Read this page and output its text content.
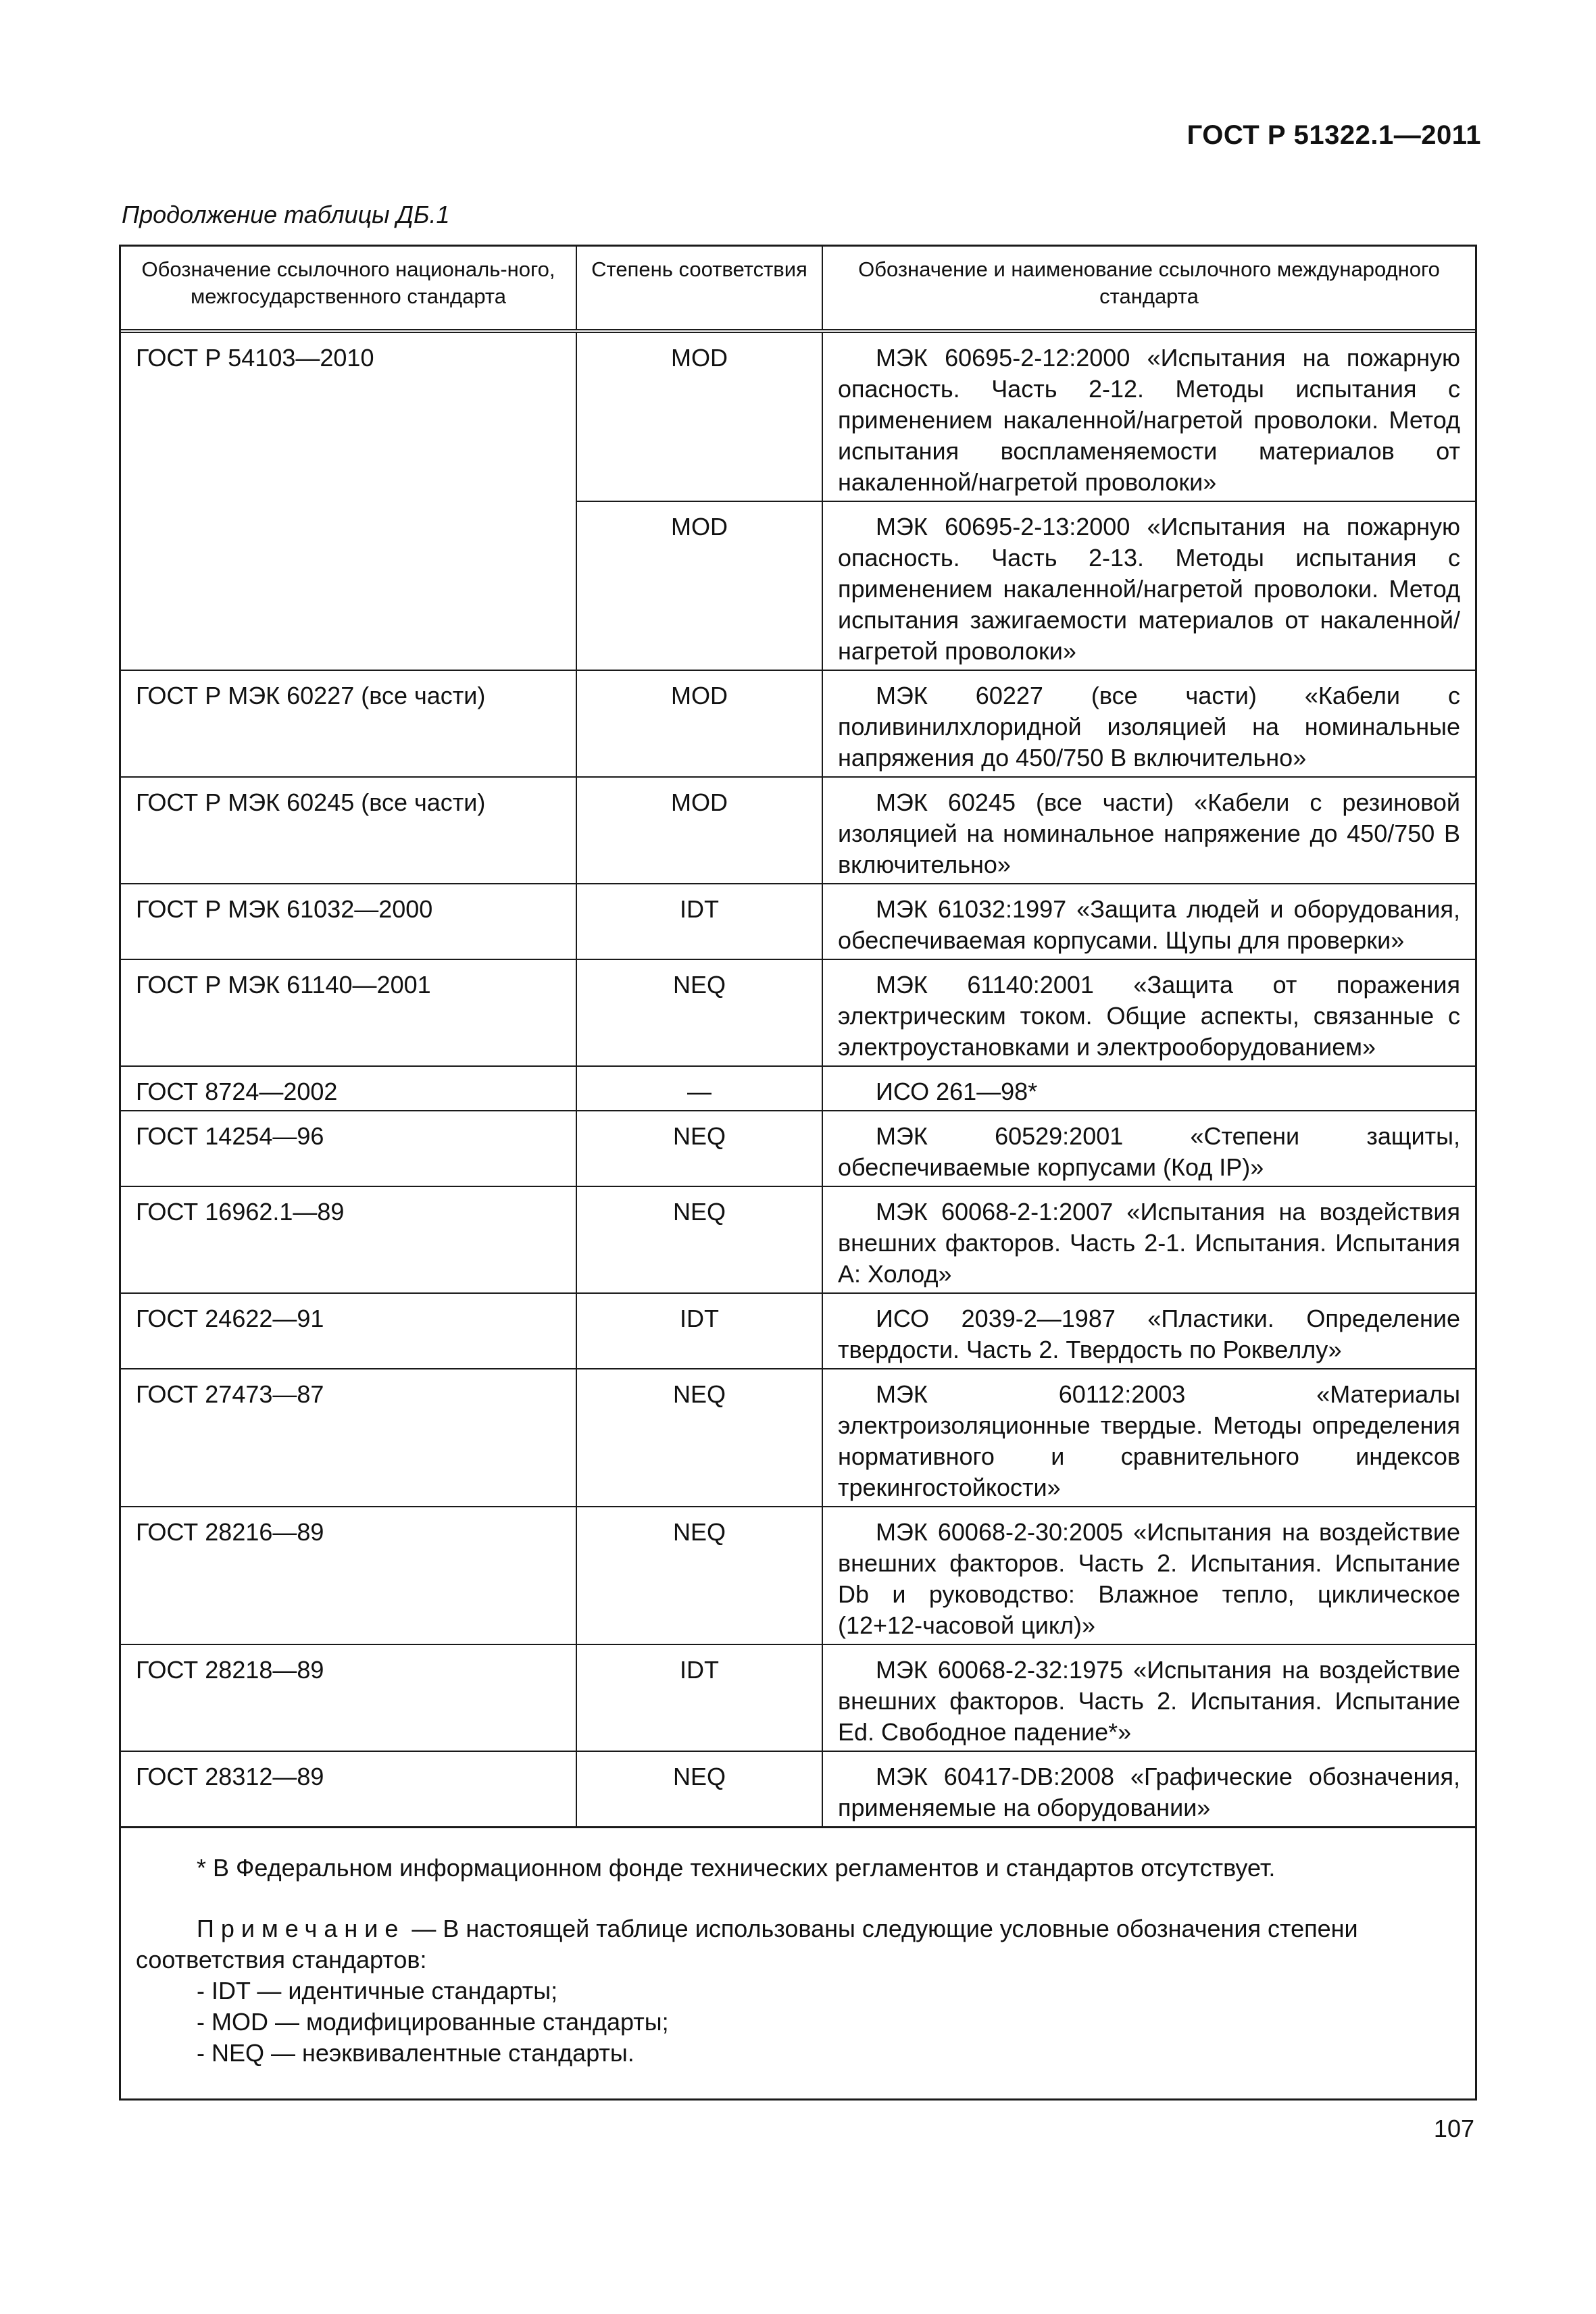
ГОСТ Р 51322.1—2011
Продолжение таблицы ДБ.1
Обозначение ссылочного националь-ного, межгосударственного стандарта	Степень соответствия	Обозначение и наименование ссылочного международного стандарта
ГОСТ Р 54103—2010	MOD	МЭК 60695-2-12:2000 «Испытания на пожарную опасность. Часть 2-12. Методы испытания с применением накаленной/нагретой проволоки. Метод испытания воспламеняемости материалов от накаленной/нагретой проволоки»
	MOD	МЭК 60695-2-13:2000 «Испытания на пожарную опасность. Часть 2-13. Методы испытания с применением накаленной/нагретой проволоки. Метод испытания зажигаемости материалов от накаленной/нагретой проволоки»
ГОСТ Р МЭК 60227 (все части)	MOD	МЭК 60227 (все части) «Кабели с поливинилхлоридной изоляцией на номинальные напряжения до 450/750 В включительно»
ГОСТ Р МЭК 60245 (все части)	MOD	МЭК 60245 (все части) «Кабели с резиновой изоляцией на номинальное напряжение до 450/750 В включительно»
ГОСТ Р МЭК 61032—2000	IDT	МЭК 61032:1997 «Защита людей и оборудования, обеспечиваемая корпусами. Щупы для проверки»
ГОСТ Р МЭК 61140—2001	NEQ	МЭК 61140:2001 «Защита от поражения электрическим током. Общие аспекты, связанные с электроустановками и электрооборудованием»
ГОСТ 8724—2002	—	ИСО 261—98*
ГОСТ 14254—96	NEQ	МЭК 60529:2001 «Степени защиты, обеспечиваемые корпусами (Код IP)»
ГОСТ 16962.1—89	NEQ	МЭК 60068-2-1:2007 «Испытания на воздействия внешних факторов. Часть 2-1. Испытания. Испытания А: Холод»
ГОСТ 24622—91	IDT	ИСО 2039-2—1987 «Пластики. Определение твердости. Часть 2. Твердость по Роквеллу»
ГОСТ 27473—87	NEQ	МЭК 60112:2003 «Материалы электроизоляционные твердые. Методы определения нормативного и сравнительного индексов трекингостойкости»
ГОСТ 28216—89	NEQ	МЭК 60068-2-30:2005 «Испытания на воздействие внешних факторов. Часть 2. Испытания. Испытание Db и руководство: Влажное тепло, циклическое (12+12-часовой цикл)»
ГОСТ 28218—89	IDT	МЭК 60068-2-32:1975 «Испытания на воздействие внешних факторов. Часть 2. Испытания. Испытание Ed. Свободное падение*»
ГОСТ 28312—89	NEQ	МЭК 60417-DB:2008 «Графические обозначения, применяемые на оборудовании»
* В Федеральном информационном фонде технических регламентов и стандартов отсутствует.
Примечание — В настоящей таблице использованы следующие условные обозначения степени соответствия стандартов:
- IDT — идентичные стандарты;
- MOD — модифицированные стандарты;
- NEQ — неэквивалентные стандарты.
107
